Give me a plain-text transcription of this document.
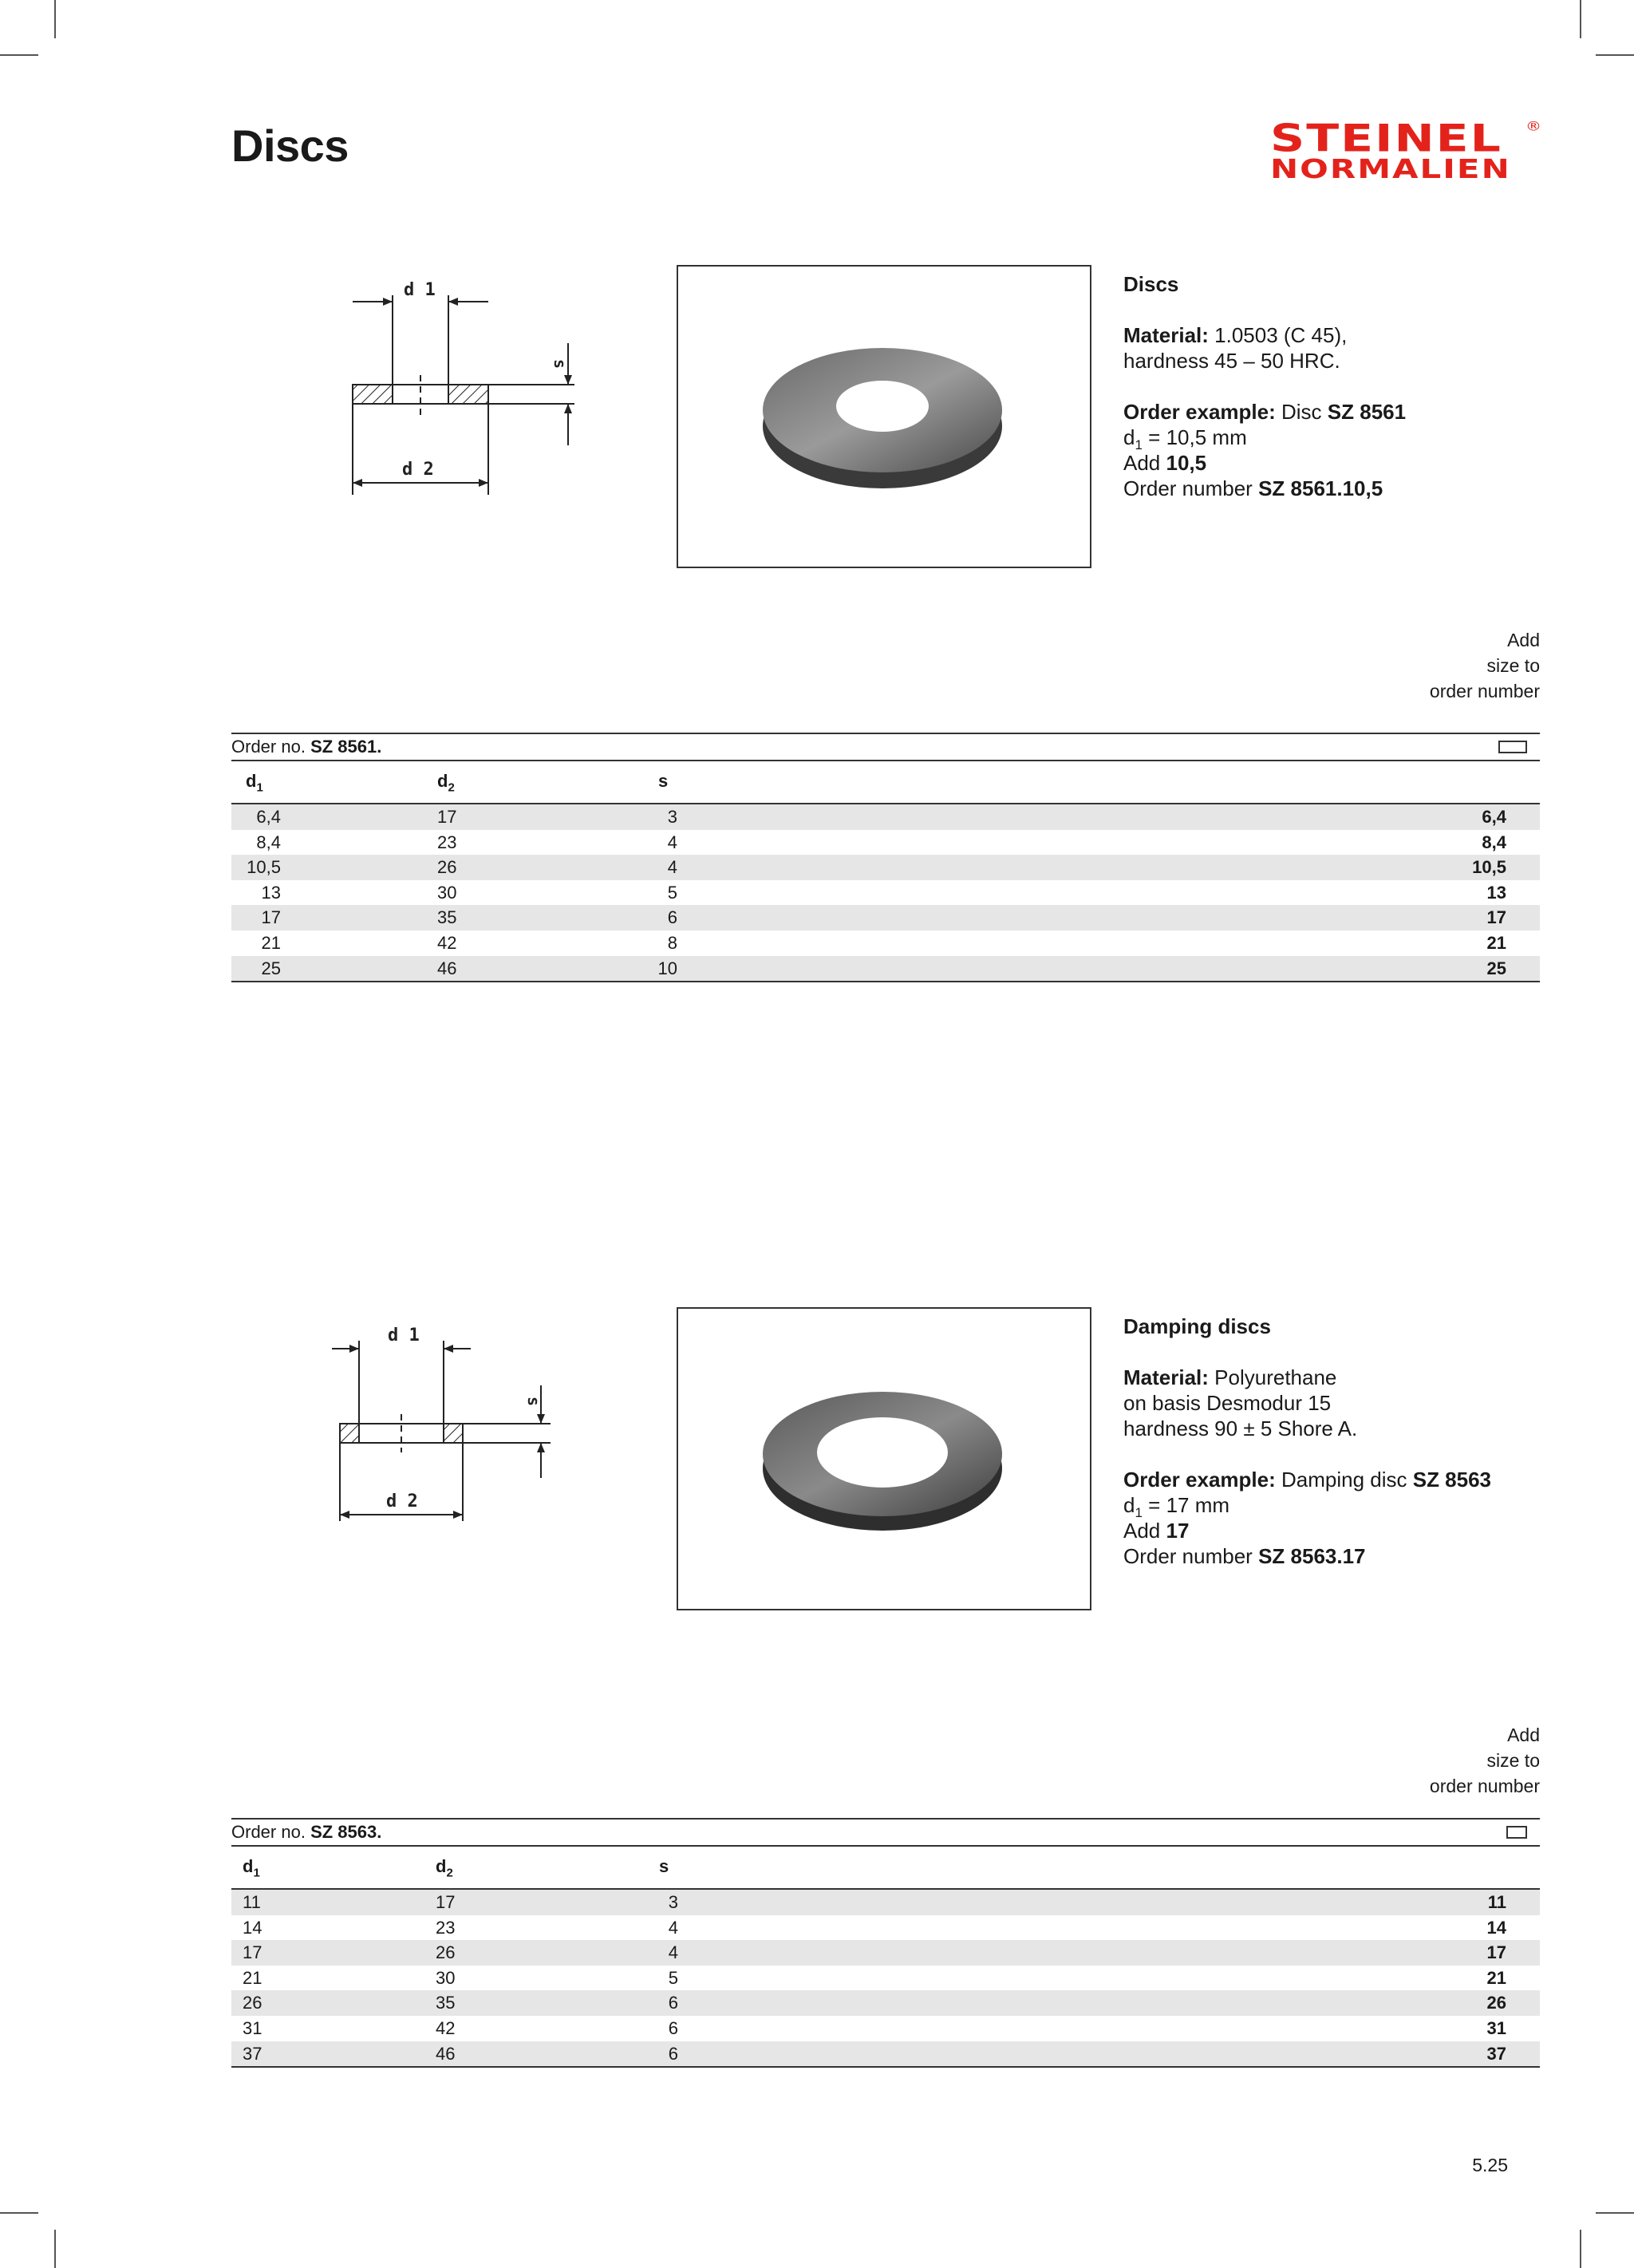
Discs	STEINEL
NORMALIEN
®
d 1
d 2
s

Discs

Material: 1.0503 (C 45),

hardness 45 – 50 HRC.

Order example: Disc SZ 8561

$d_1 = 10,5$ mm

Add 10,5

Order number SZ 8561.10,5

Add
size to
order number
Order no. SZ 8561.
$d_1$	$d_2$	s
6,4	17	3	6,4
8,4	23	4	8,4
10,5	26	4	10,5
13	30	5	13
17	35	6	17
21	42	8	21
25	46	10	25
d 1
d 2
s

Damping discs

Material: Polyurethane

on basis Desmodur 15

hardness 90 ± 5 Shore A.

Order example: Damping disc SZ 8563

$d_1 = 17$ mm

Add 17

Order number SZ 8563.17

Add
size to
order number
Order no. SZ 8563.
$d_1$	$d_2$	s
11	17	3	11
14	23	4	14
17	26	4	17
21	30	5	21
26	35	6	26
31	42	6	31
37	46	6	37
5.25
